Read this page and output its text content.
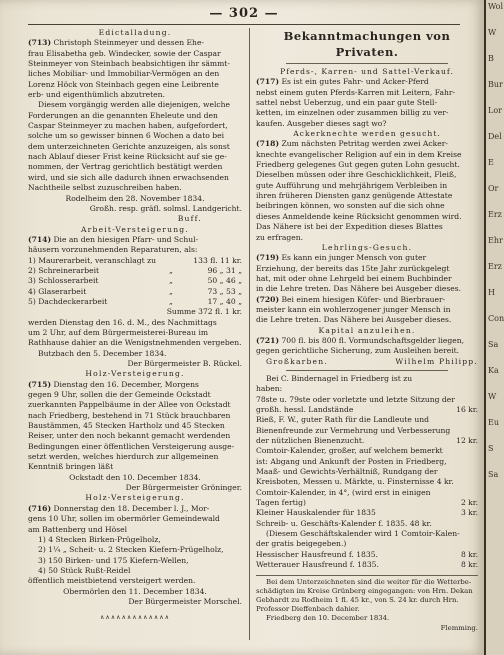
— 302 —

Edictalladung.

(713) Christoph Steinmeyer und dessen Ehe-

frau Elisabetha geb. Windecker, sowie der Caspar

Steinmeyer von Steinbach beabsichtigen ihr sämmt-

liches Mobiliar- und Immobiliar-Vermögen an den

Lorenz Höck von Steinbach gegen eine Leibrente

erb- und eigenthümlich abzutreten.

Diesem vorgängig werden alle diejenigen, welche

Forderungen an die genannten Eheleute und den

Caspar Steinmeyer zu machen haben, aufgefordert,

solche um so gewisser binnen 6 Wochen a dato bei

dem unterzeichneten Gerichte anzuzeigen, als sonst

nach Ablauf dieser Frist keine Rücksicht auf sie ge-

nommen, der Vertrag gerichtlich bestätigt werden

wird, und sie sich alle dadurch ihnen erwachsenden

Nachtheile selbst zuzuschreiben haben.

Rodelheim den 28. November 1834.

Großh. resp. gräfl. solmsl. Landgericht.

Buff.

Arbeit-Versteigerung.

(714) Die an den hiesigen Pfarr- und Schul-

häusern vorzunehmenden Reparaturen, als:

1) Maurerarbeit, veranschlagt zu	133 fl. 11 kr.
2) Schreinerarbeit	„	96 „ 31 „
3) Schlosserarbeit	„	50 „ 46 „
4) Glaserarbeit	„	73 „ 53 „
5) Dachdeckerarbeit	„	17 „ 40 „

Summe 372 fl. 1 kr.

werden Dienstag den 16. d. M., des Nachmittags

um 2 Uhr, auf dem Bürgermeisterei-Bureau im

Rathhause dahier an die Wenigstnehmenden vergeben.

Butzbach den 5. December 1834.

Der Bürgermeister B. Rückel.

Holz-Versteigerung.

(715) Dienstag den 16. December, Morgens

gegen 9 Uhr, sollen die der Gemeinde Ockstadt

zuerkannten Pappelbäume in der Allee von Ockstadt

nach Friedberg, bestehend in 71 Stück brauchbaren

Baustämmen, 45 Stecken Hartholz und 45 Stecken

Reiser, unter den noch bekannt gemacht werdenden

Bedingungen einer öffentlichen Versteigerung ausge-

setzt werden, welches hierdurch zur allgemeinen

Kenntniß bringen läßt

Ockstadt den 10. December 1834.

Der Bürgermeister Gröninger.

Holz-Versteigerung.

(716) Donnerstag den 18. December l. J., Mor-

gens 10 Uhr, sollen im obermörler Gemeindewald

am Battenberg und Hösel

1) 4 Stecken Birken-Prügelholz,

2) 1¼ „ Scheit- u. 2 Stecken Kiefern-Prügelholz,

3) 150 Birken- und 175 Kiefern-Wellen,

4) 50 Stück Rußt-Reidel

öffentlich meistbietend versteigert werden.

Obermörlen den 11. December 1834.

Der Bürgermeister Morschel.

∧∧∧∧∧∧∧∧∧∧∧∧∧

Bekanntmachungen von Privaten.

Pferds-, Karren- und Sattel-Verkauf.

(717) Es ist ein gutes Fahr- und Acker-Pferd

nebst einem guten Pferds-Karren mit Leitern, Fahr-

sattel nebst Ueberzug, und ein paar gute Stell-

ketten, im einzelnen oder zusammen billig zu ver-

kaufen. Ausgeber dieses sagt wo?

Ackerknechte werden gesucht.

(718) Zum nächsten Petritag werden zwei Acker-

knechte evangelischer Religion auf ein in dem Kreise

Friedberg gelegenes Gut gegen guten Lohn gesucht.

Dieselben müssen oder ihre Geschicklichkeit, Fleiß,

gute Aufführung und mehrjährigem Verbleiben in

ihren früheren Diensten ganz genügende Attestate

beibringen können, wo sonsten auf die sich ohne

dieses Anmeldende keine Rücksicht genommen wird.

Das Nähere ist bei der Expedition dieses Blattes

zu erfragen.

Lehrlings-Gesuch.

(719) Es kann ein junger Mensch von guter

Erziehung, der bereits das 15te Jahr zurückgelegt

hat, mit oder ohne Lehrgeld bei einem Buchbinder

in die Lehre treten. Das Nähere bei Ausgeber dieses.

(720) Bei einem hiesigen Küfer- und Bierbrauer-

meister kann ein wohlerzogener junger Mensch in

die Lehre treten. Das Nähere bei Ausgeber dieses.

Kapital anzuleihen.

(721) 700 fl. bis 800 fl. Vormundschaftsgelder liegen,

gegen gerichtliche Sicherung, zum Ausleihen bereit.

Großkarben.	Wilhelm Philipp.

Bei C. Bindernagel in Friedberg ist zu

haben:

78ste u. 79ste oder vorletzte und letzte Sitzung der

großh. hessl. Landstände	16 kr.

Rieß, F. W., guter Rath für die Landleute und

Bienenfreunde zur Vermehrung und Verbesserung

der nützlichen Bienenzucht.	12 kr.

Comtoir-Kalender, großer, auf welchem bemerkt

ist: Abgang und Ankunft der Posten in Friedberg,

Maaß- und Gewichts-Verhältniß, Rundgang der

Kreisboten, Messen u. Märkte, u. Finsternisse 4 kr.

Comtoir-Kalender, in 4°, (wird erst in einigen

Tagen fertig)	2 kr.
Kleiner Hauskalender für 1835	3 kr.

Schreib- u. Geschäfts-Kalender f. 1835. 48 kr.

(Diesem Geschäftskalender wird 1 Comtoir-Kalen-

der gratis beigegeben.)

Hessischer Hausfreund f. 1835.	8 kr.
Wetterauer Hausfreund f. 1835.	8 kr.

Bei dem Unterzeichneten sind die weiter für die Wetterbe-

schädigten im Kreise Grünberg eingegangen: von Hrn. Dekan

Gebhardt zu Rodheim 1 fl. 45 kr., von S. 24 kr. durch Hrn.

Professor Dieffenbach dahier.

Friedberg den 10. December 1834.

Flemming.

Wol
W
B
Bur
Lor
Del
E
Or
Erz
Ehr
Erz
H
Con
Sa
Ka
W
Eu
S
Sa
